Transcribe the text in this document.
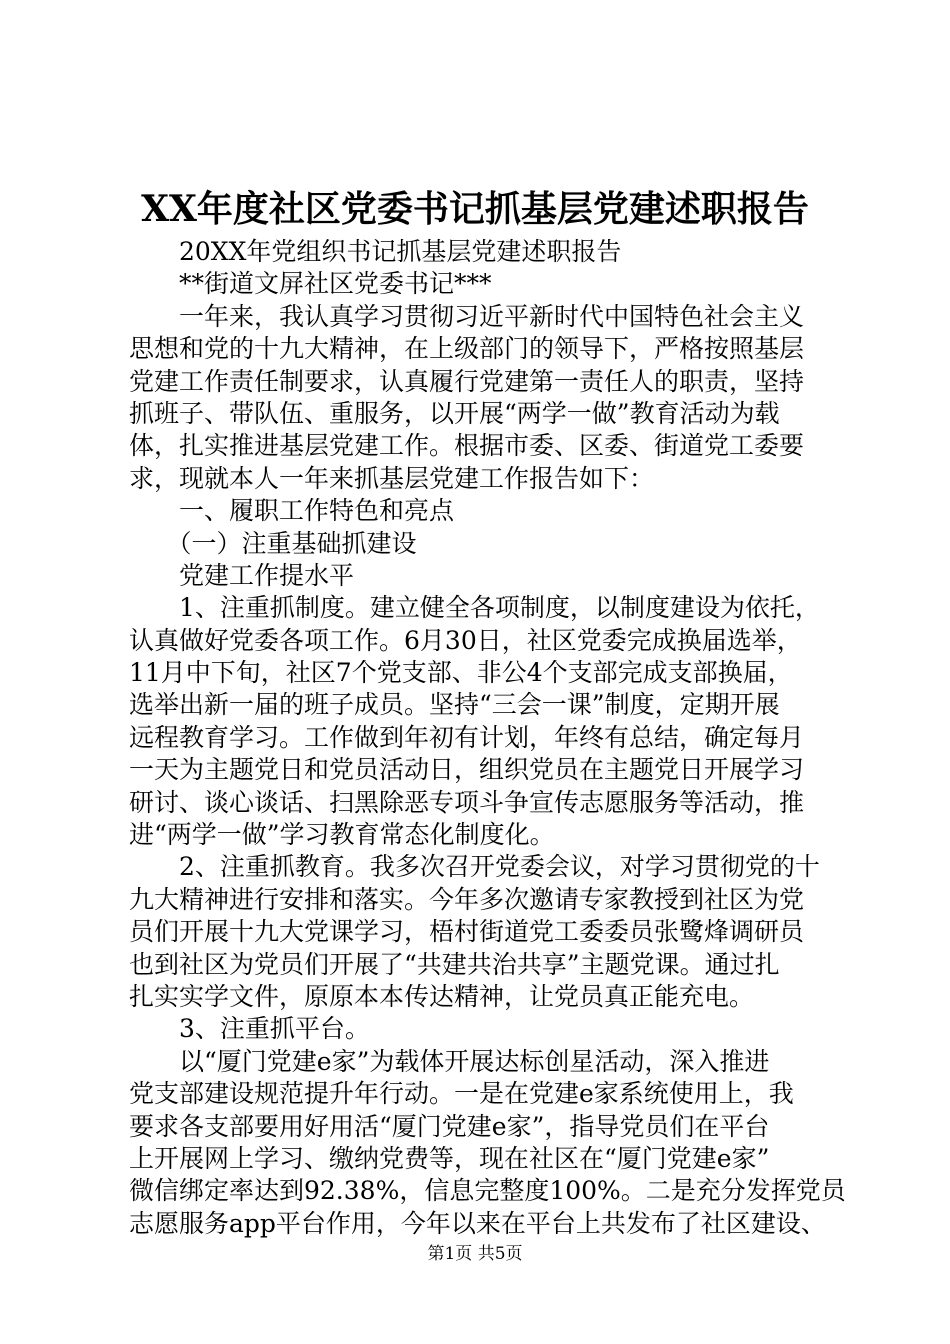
XX年度社区党委书记抓基层党建述职报告
　　20XX年党组织书记抓基层党建述职报告
　　**街道文屏社区党委书记***
　　一年来，我认真学习贯彻习近平新时代中国特色社会主义
思想和党的十九大精神，在上级部门的领导下，严格按照基层
党建工作责任制要求，认真履行党建第一责任人的职责，坚持
抓班子、带队伍、重服务，以开展“两学一做”教育活动为载
体，扎实推进基层党建工作。根据市委、区委、街道党工委要
求，现就本人一年来抓基层党建工作报告如下：
　　一、履职工作特色和亮点
　　（一）注重基础抓建设
　　党建工作提水平
　　1、注重抓制度。建立健全各项制度，以制度建设为依托，
认真做好党委各项工作。6月30日，社区党委完成换届选举，
11月中下旬，社区7个党支部、非公4个支部完成支部换届，
选举出新一届的班子成员。坚持“三会一课”制度，定期开展
远程教育学习。工作做到年初有计划，年终有总结，确定每月
一天为主题党日和党员活动日，组织党员在主题党日开展学习
研讨、谈心谈话、扫黑除恶专项斗争宣传志愿服务等活动，推
进“两学一做”学习教育常态化制度化。
　　2、注重抓教育。我多次召开党委会议，对学习贯彻党的十
九大精神进行安排和落实。今年多次邀请专家教授到社区为党
员们开展十九大党课学习，梧村街道党工委委员张鹭烽调研员
也到社区为党员们开展了“共建共治共享”主题党课。通过扎
扎实实学文件，原原本本传达精神，让党员真正能充电。
　　3、注重抓平台。
　　以“厦门党建e家”为载体开展达标创星活动，深入推进
党支部建设规范提升年行动。一是在党建e家系统使用上，我
要求各支部要用好用活“厦门党建e家”，指导党员们在平台
上开展网上学习、缴纳党费等，现在社区在“厦门党建e家”
微信绑定率达到92.38%，信息完整度100%。二是充分发挥党员
志愿服务app平台作用，今年以来在平台上共发布了社区建设、
第1页 共5页
